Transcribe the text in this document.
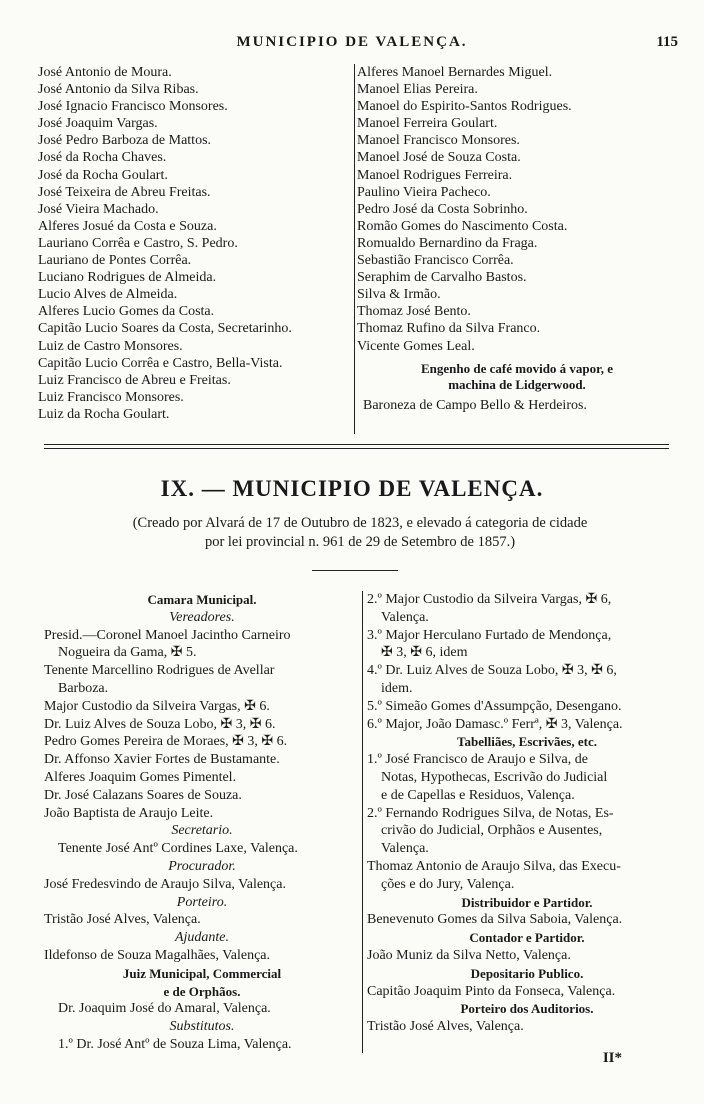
MUNICIPIO DE VALENÇA.	115
José Antonio de Moura.
José Antonio da Silva Ribas.
José Ignacio Francisco Monsores.
José Joaquim Vargas.
José Pedro Barboza de Mattos.
José da Rocha Chaves.
José da Rocha Goulart.
José Teixeira de Abreu Freitas.
José Vieira Machado.
Alferes Josué da Costa e Souza.
Lauriano Corrêa e Castro, S. Pedro.
Lauriano de Pontes Corrêa.
Luciano Rodrigues de Almeida.
Lucio Alves de Almeida.
Alferes Lucio Gomes da Costa.
Capitão Lucio Soares da Costa, Secretarinho.
Luiz de Castro Monsores.
Capitão Lucio Corrêa e Castro, Bella-Vista.
Luiz Francisco de Abreu e Freitas.
Luiz Francisco Monsores.
Luiz da Rocha Goulart.
Alferes Manoel Bernardes Miguel.
Manoel Elias Pereira.
Manoel do Espirito-Santos Rodrigues.
Manoel Ferreira Goulart.
Manoel Francisco Monsores.
Manoel José de Souza Costa.
Manoel Rodrigues Ferreira.
Paulino Vieira Pacheco.
Pedro José da Costa Sobrinho.
Romão Gomes do Nascimento Costa.
Romualdo Bernardino da Fraga.
Sebastião Francisco Corrêa.
Seraphim de Carvalho Bastos.
Silva & Irmão.
Thomaz José Bento.
Thomaz Rufino da Silva Franco.
Vicente Gomes Leal.
Engenho de café movido á vapor, e
machina de Lidgerwood.
Baroneza de Campo Bello & Herdeiros.
IX. — MUNICIPIO DE VALENÇA.
(Creado por Alvará de 17 de Outubro de 1823, e elevado á categoria de cidade
por lei provincial n. 961 de 29 de Setembro de 1857.)
Camara Municipal.
Vereadores.
Presid.—Coronel Manoel Jacintho Carneiro
Nogueira da Gama, ✠ 5.
Tenente Marcellino Rodrigues de Avellar
Barboza.
Major Custodio da Silveira Vargas, ✠ 6.
Dr. Luiz Alves de Souza Lobo, ✠ 3, ✠ 6.
Pedro Gomes Pereira de Moraes, ✠ 3, ✠ 6.
Dr. Affonso Xavier Fortes de Bustamante.
Alferes Joaquim Gomes Pimentel.
Dr. José Calazans Soares de Souza.
João Baptista de Araujo Leite.
Secretario.
Tenente José Antº Cordines Laxe, Valença.
Procurador.
José Fredesvindo de Araujo Silva, Valença.
Porteiro.
Tristão José Alves, Valença.
Ajudante.
Ildefonso de Souza Magalhães, Valença.
Juiz Municipal, Commercial
e de Orphãos.
Dr. Joaquim José do Amaral, Valença.
Substitutos.
1.º Dr. José Antº de Souza Lima, Valença.
2.º Major Custodio da Silveira Vargas, ✠ 6,
Valença.
3.º Major Herculano Furtado de Mendonça,
✠ 3, ✠ 6, idem
4.º Dr. Luiz Alves de Souza Lobo, ✠ 3, ✠ 6,
idem.
5.º Simeão Gomes d'Assumpção, Desengano.
6.º Major, João Damasc.º Ferrª, ✠ 3, Valença.
Tabelliães, Escrivães, etc.
1.º José Francisco de Araujo e Silva, de
Notas, Hypothecas, Escrivão do Judicial
e de Capellas e Residuos, Valença.
2.º Fernando Rodrigues Silva, de Notas, Es-
crivão do Judicial, Orphãos e Ausentes,
Valença.
Thomaz Antonio de Araujo Silva, das Execu-
ções e do Jury, Valença.
Distribuidor e Partidor.
Benevenuto Gomes da Silva Saboia, Valença.
Contador e Partidor.
João Muniz da Silva Netto, Valença.
Depositario Publico.
Capitão Joaquim Pinto da Fonseca, Valença.
Porteiro dos Auditorios.
Tristão José Alves, Valença.
II*
